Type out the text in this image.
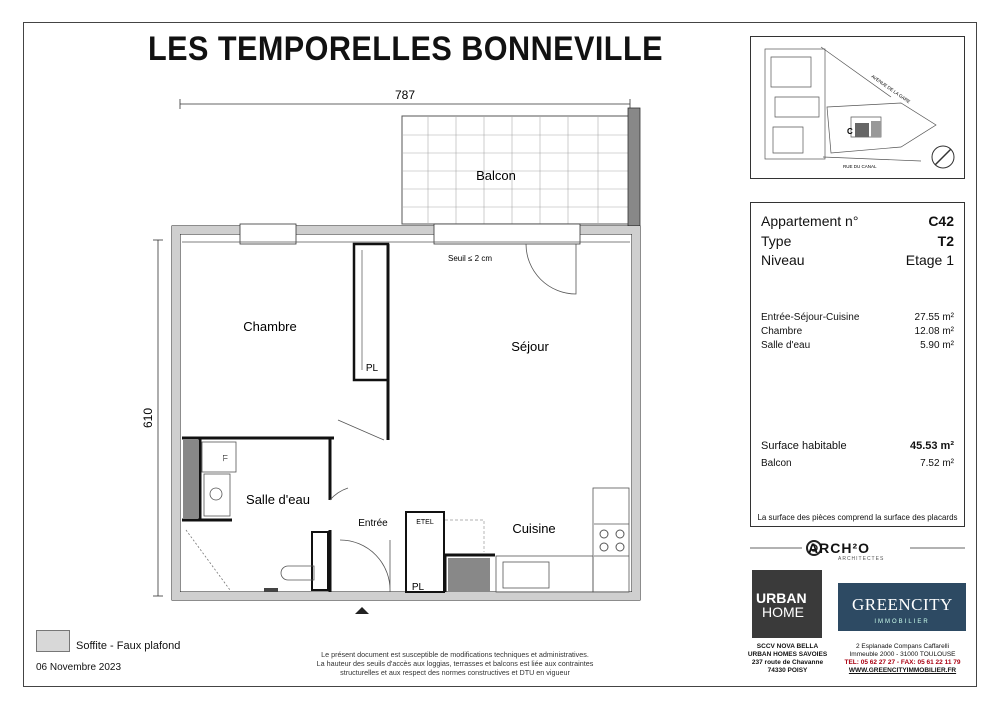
LES TEMPORELLES BONNEVILLE
787
610
Balcon
Chambre
Séjour
Salle d'eau
Entrée	Cuisine
PL
PL
ETEL
LL
Seuil ≤ 2 cm
C
AVENUE DE LA GARE
RUE DU CANAL
Appartement n°	C42
Type	T2
Niveau	Etage 1
Entrée-Séjour-Cuisine	27.55 m²
Chambre	12.08 m²
Salle d'eau	5.90 m²
Surface habitable	45.53 m²
Balcon	7.52 m²
La surface des pièces comprend la surface des placards
Soffite - Faux plafond
06 Novembre 2023
Le présent document est susceptible de modifications techniques et administratives.
La hauteur des seuils d'accès aux loggias, terrasses et balcons est liée aux contraintes
structurelles et aux respect des normes constructives et DTU en vigueur
ARCH²O
ARCHITECTES
URBAN
HOME
SCCV NOVA BELLA
URBAN HOMES SAVOIES
237 route de Chavanne
74330 POISY
GREENCITY
IMMOBILIER
2 Esplanade Compans Caffarelli
Immeuble 2000 - 31000 TOULOUSE
TEL: 05 62 27 27 - FAX: 05 61 22 11 79
WWW.GREENCITYIMMOBILIER.FR
